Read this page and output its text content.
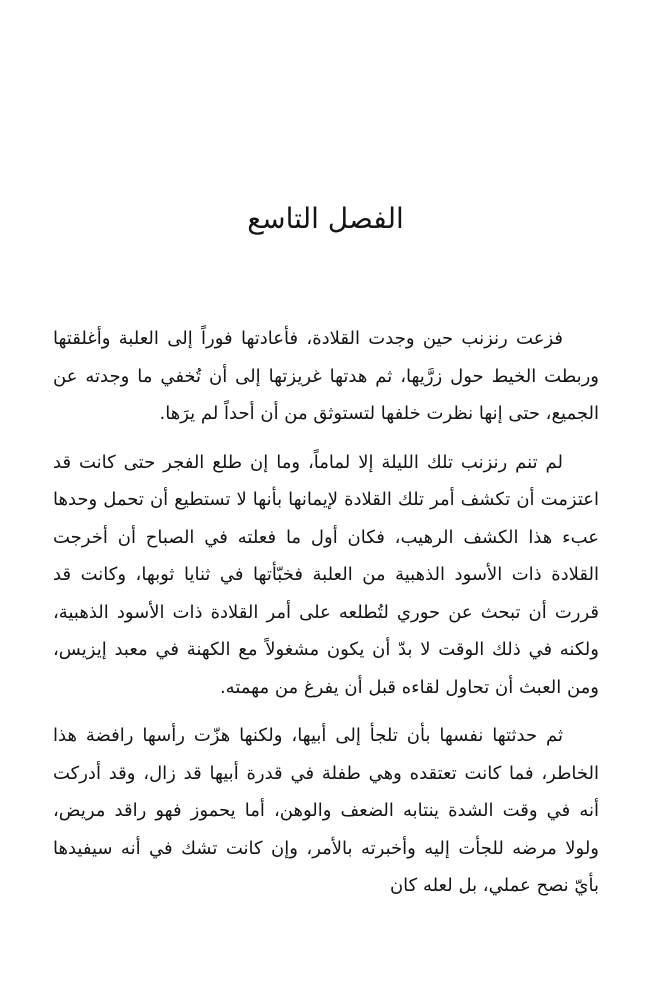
الفصل التاسع

فزعت رنزنب حين وجدت القلادة، فأعادتها فوراً إلى العلبة وأغلقتها وربطت الخيط حول زرَّيها، ثم هدتها غريزتها إلى أن تُخفي ما وجدته عن الجميع، حتى إنها نظرت خلفها لتستوثق من أن أحداً لم يرَها.

لم تنم رنزنب تلك الليلة إلا لماماً، وما إن طلع الفجر حتى كانت قد اعتزمت أن تكشف أمر تلك القلادة لإيمانها بأنها لا تستطيع أن تحمل وحدها عبء هذا الكشف الرهيب، فكان أول ما فعلته في الصباح أن أخرجت القلادة ذات الأسود الذهبية من العلبة فخبّأتها في ثنايا ثوبها، وكانت قد قررت أن تبحث عن حوري لتُطلعه على أمر القلادة ذات الأسود الذهبية، ولكنه في ذلك الوقت لا بدّ أن يكون مشغولاً مع الكهنة في معبد إيزيس، ومن العبث أن تحاول لقاءه قبل أن يفرغ من مهمته.

ثم حدثتها نفسها بأن تلجأ إلى أبيها، ولكنها هزّت رأسها رافضة هذا الخاطر، فما كانت تعتقده وهي طفلة في قدرة أبيها قد زال، وقد أدركت أنه في وقت الشدة ينتابه الضعف والوهن، أما يحموز فهو راقد مريض، ولولا مرضه للجأت إليه وأخبرته بالأمر، وإن كانت تشك في أنه سيفيدها بأيّ نصح عملي، بل لعله كان
